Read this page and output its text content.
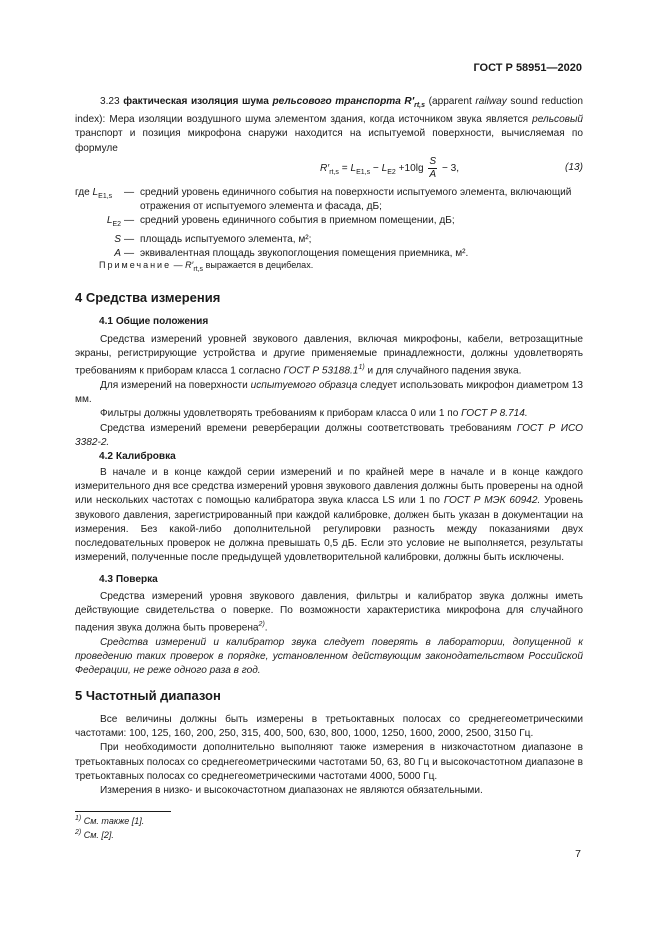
ГОСТ Р 58951—2020

3.23 фактическая изоляция шума рельсового транспорта $R'_{rt,s}$ (apparent railway sound reduction index): Мера изоляции воздушного шума элементом здания, когда источником звука является рельсовый транспорт и позиция микрофона снаружи находится на испытуемой поверхности, вычисляемая по формуле

$R'_{rt,s} = L_{E1,s} - L_{E2} +10\lg \frac{S}{A} - 3$,	(13)
где $L_{E1,s}$	— средний уровень единичного события на поверхности испытуемого элемента, включающий отражения от испытуемого элемента и фасада, дБ;
$L_{E2}$ — средний уровень единичного события в приемном помещении, дБ;
S — площадь испытуемого элемента, м²;
A — эквивалентная площадь звукопоглощения помещения приемника, м².
Примечание — $R'_{rt,s}$ выражается в децибелах.
4 Средства измерения
4.1 Общие положения

Средства измерений уровней звукового давления, включая микрофоны, кабели, ветрозащитные экраны, регистрирующие устройства и другие применяемые принадлежности, должны удовлетворять требованиям к приборам класса 1 согласно ГОСТ Р 53188.1$^{1)}$ и для случайного падения звука.

Для измерений на поверхности испытуемого образца следует использовать микрофон диаметром 13 мм.

Фильтры должны удовлетворять требованиям к приборам класса 0 или 1 по ГОСТ Р 8.714.

Средства измерений времени реверберации должны соответствовать требованиям ГОСТ Р ИСО 3382-2.

4.2 Калибровка

В начале и в конце каждой серии измерений и по крайней мере в начале и в конце каждого измерительного дня все средства измерений уровня звукового давления должны быть проверены на одной или нескольких частотах с помощью калибратора звука класса LS или 1 по ГОСТ Р МЭК 60942. Уровень звукового давления, зарегистрированный при каждой калибровке, должен быть указан в документации на измерения. Без какой-либо дополнительной регулировки разность между показаниями двух последовательных проверок не должна превышать 0,5 дБ. Если это условие не выполняется, результаты измерений, полученные после предыдущей удовлетворительной калибровки, должны быть исключены.

4.3 Поверка

Средства измерений уровня звукового давления, фильтры и калибратор звука должны иметь действующие свидетельства о поверке. По возможности характеристика микрофона для случайного падения звука должна быть проверена$^{2)}$.

Средства измерений и калибратор звука следует поверять в лаборатории, допущенной к проведению таких проверок в порядке, установленном действующим законодательством Российской Федерации, не реже одного раза в год.

5 Частотный диапазон

Все величины должны быть измерены в третьоктавных полосах со среднегеометрическими частотами: 100, 125, 160, 200, 250, 315, 400, 500, 630, 800, 1000, 1250, 1600, 2000, 2500, 3150 Гц.

При необходимости дополнительно выполняют также измерения в низкочастотном диапазоне в третьоктавных полосах со среднегеометрическими частотами 50, 63, 80 Гц и высокочастотном диапазоне в третьоктавных полосах со среднегеометрическими частотами 4000, 5000 Гц.

Измерения в низко- и высокочастотном диапазонах не являются обязательными.

$^{1)}$ См. также [1].
$^{2)}$ См. [2].
7
